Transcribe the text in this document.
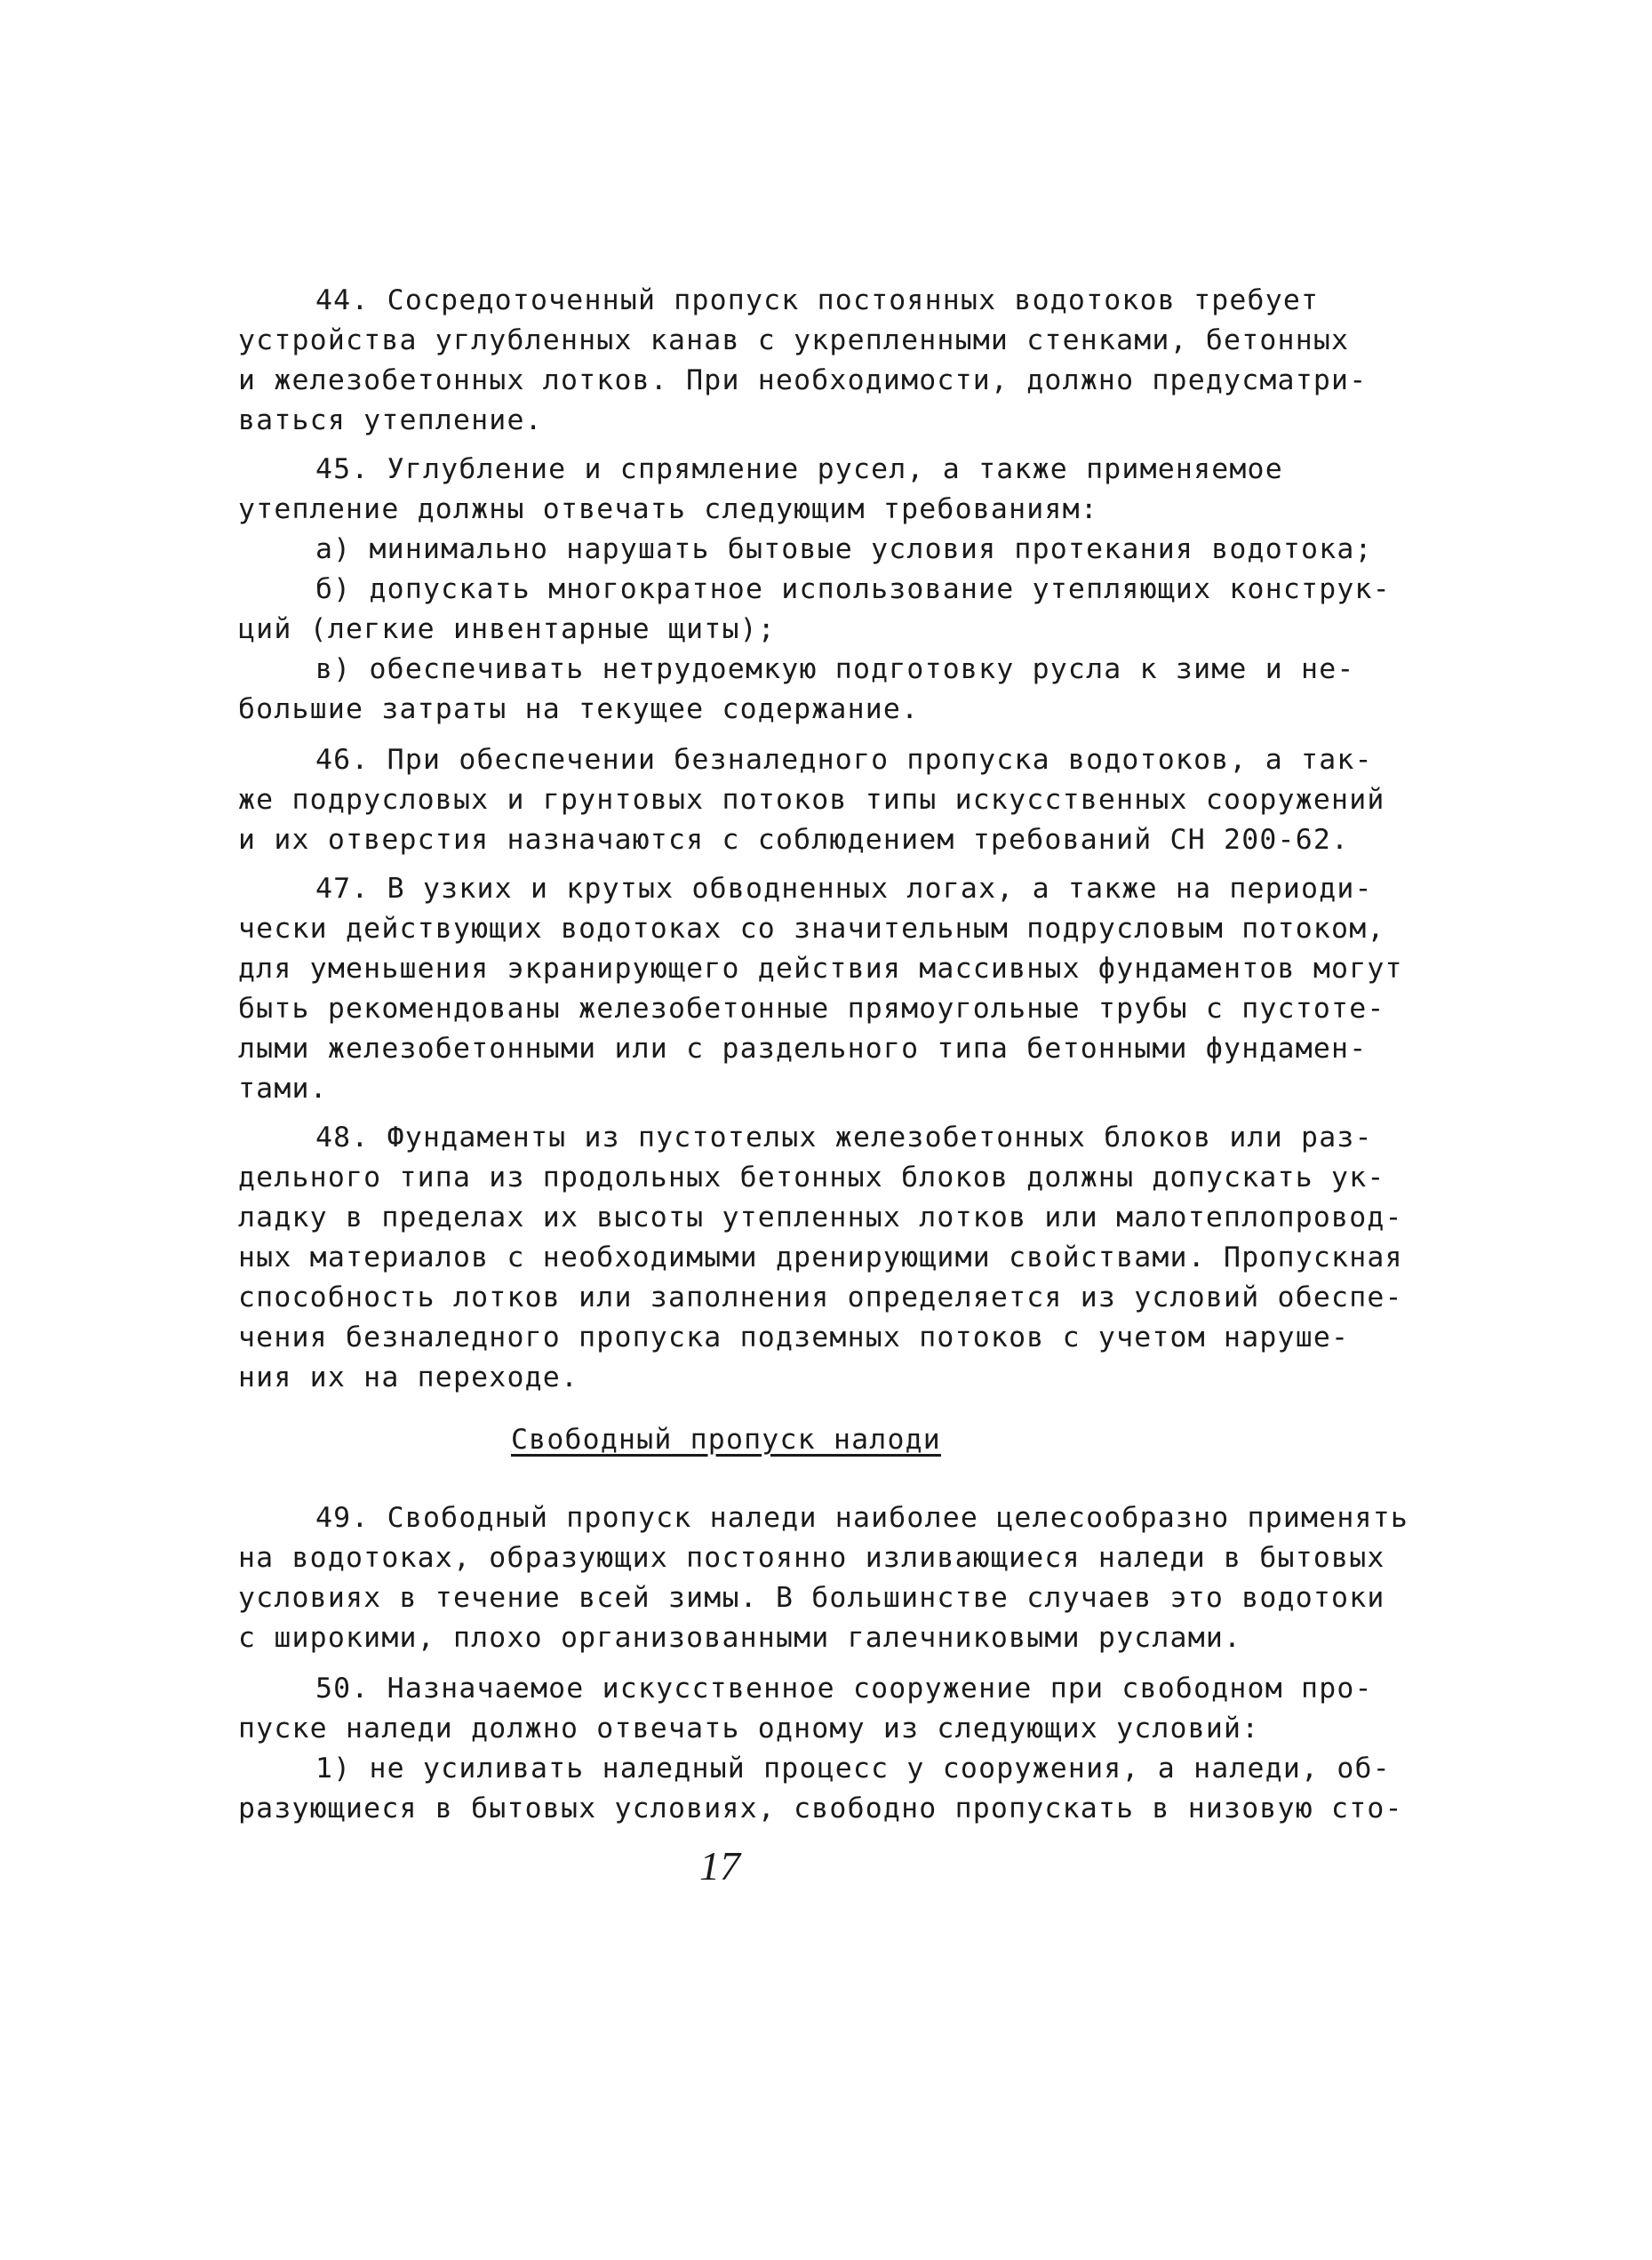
44. Сосредоточенный пропуск постоянных водотоков требует
устройства углубленных канав с укрепленными стенками, бетонных
и железобетонных лотков. При необходимости, должно предусматри-
ваться утепление.
45. Углубление и спрямление русел, а также применяемое
утепление должны отвечать следующим требованиям:
а) минимально нарушать бытовые условия протекания водотока;
б) допускать многократное использование утепляющих конструк-
ций (легкие инвентарные щиты);
в) обеспечивать нетрудоемкую подготовку русла к зиме и не-
большие затраты на текущее содержание.
46. При обеспечении безналедного пропуска водотоков, а так-
же подрусловых и грунтовых потоков типы искусственных сооружений
и их отверстия назначаются с соблюдением требований СН 200-62.
47. В узких и крутых обводненных логах, а также на периоди-
чески действующих водотоках со значительным подрусловым потоком,
для уменьшения экранирующего действия массивных фундаментов могут
быть рекомендованы железобетонные прямоугольные трубы с пустоте-
лыми железобетонными или с раздельного типа бетонными фундамен-
тами.
48. Фундаменты из пустотелых железобетонных блоков или раз-
дельного типа из продольных бетонных блоков должны допускать ук-
ладку в пределах их высоты утепленных лотков или малотеплопровод-
ных материалов с необходимыми дренирующими свойствами. Пропускная
способность лотков или заполнения определяется из условий обеспе-
чения безналедного пропуска подземных потоков с учетом наруше-
ния их на переходе.
Свободный пропуск налоди
49. Свободный пропуск наледи наиболее целесообразно применять
на водотоках, образующих постоянно изливающиеся наледи в бытовых
условиях в течение всей зимы. В большинстве случаев это водотоки
с широкими, плохо организованными галечниковыми руслами.
50. Назначаемое искусственное сооружение при свободном про-
пуске наледи должно отвечать одному из следующих условий:
1) не усиливать наледный процесс у сооружения, а наледи, об-
разующиеся в бытовых условиях, свободно пропускать в низовую сто-
17
